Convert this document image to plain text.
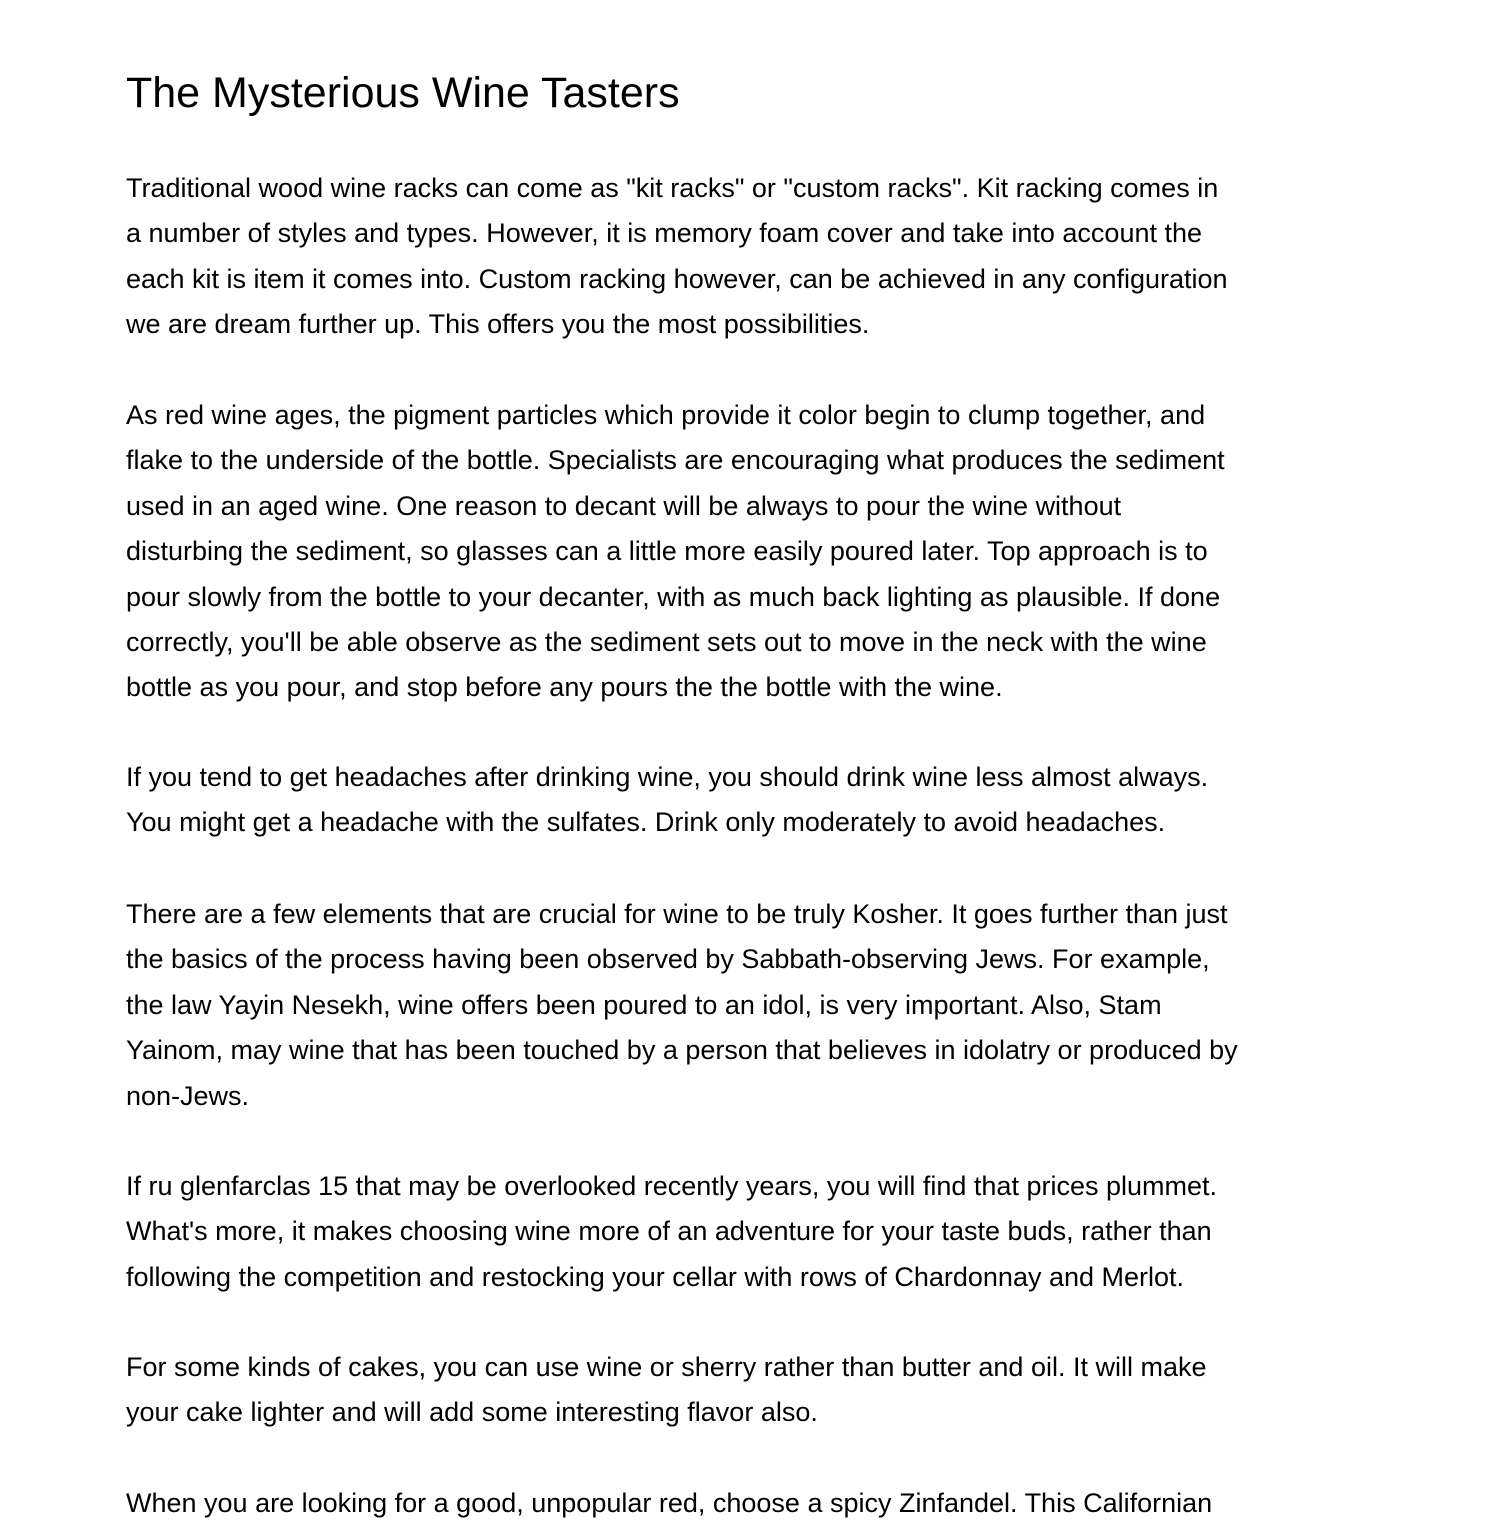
The Mysterious Wine Tasters

Traditional wood wine racks can come as "kit racks" or "custom racks". Kit racking comes in
a number of styles and types. However, it is memory foam cover and take into account the
each kit is item it comes into. Custom racking however, can be achieved in any configuration
we are dream further up. This offers you the most possibilities.

As red wine ages, the pigment particles which provide it color begin to clump together, and
flake to the underside of the bottle. Specialists are encouraging what produces the sediment
used in an aged wine. One reason to decant will be always to pour the wine without
disturbing the sediment, so glasses can a little more easily poured later. Top approach is to
pour slowly from the bottle to your decanter, with as much back lighting as plausible. If done
correctly, you'll be able observe as the sediment sets out to move in the neck with the wine
bottle as you pour, and stop before any pours the the bottle with the wine.

If you tend to get headaches after drinking wine, you should drink wine less almost always.
You might get a headache with the sulfates. Drink only moderately to avoid headaches.

There are a few elements that are crucial for wine to be truly Kosher. It goes further than just
the basics of the process having been observed by Sabbath-observing Jews. For example,
the law Yayin Nesekh, wine offers been poured to an idol, is very important. Also, Stam
Yainom, may wine that has been touched by a person that believes in idolatry or produced by
non-Jews.

If ru glenfarclas 15 that may be overlooked recently years, you will find that prices plummet.
What's more, it makes choosing wine more of an adventure for your taste buds, rather than
following the competition and restocking your cellar with rows of Chardonnay and Merlot.

For some kinds of cakes, you can use wine or sherry rather than butter and oil. It will make
your cake lighter and will add some interesting flavor also.

When you are looking for a good, unpopular red, choose a spicy Zinfandel. This Californian
